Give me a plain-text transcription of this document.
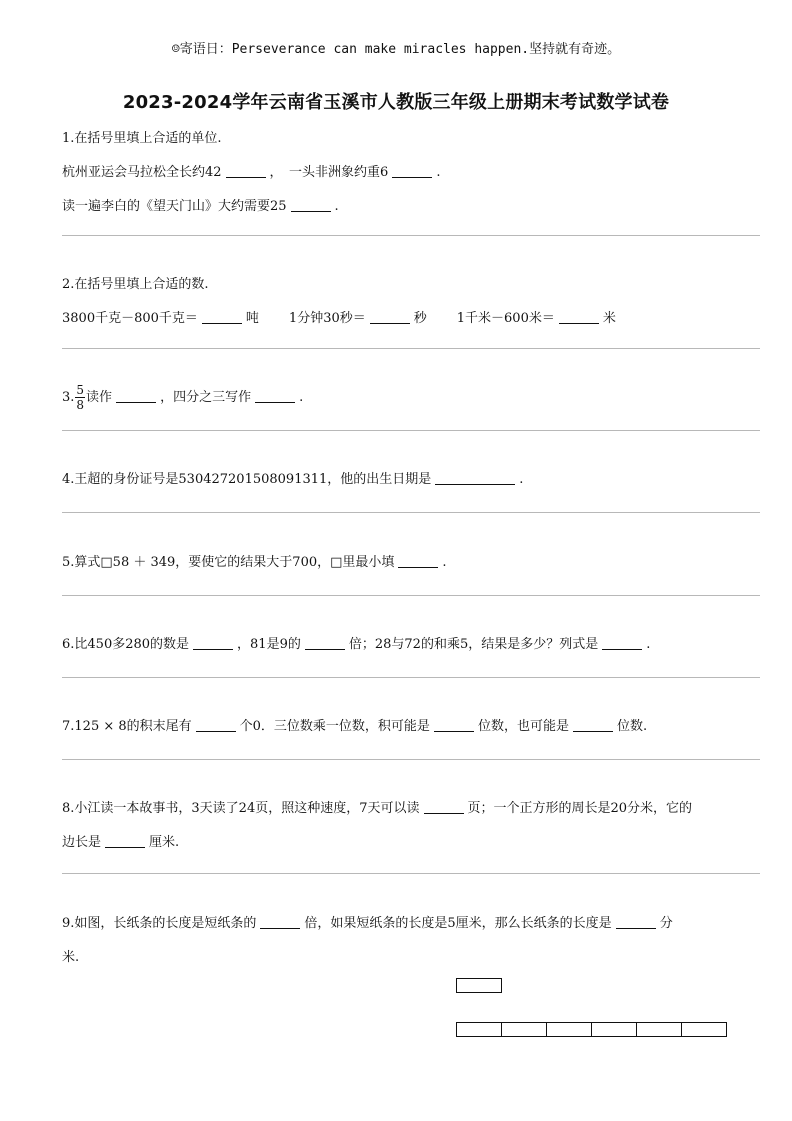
☺寄语日：Perseverance can make miracles happen.坚持就有奇迹。
2023-2024学年云南省玉溪市人教版三年级上册期末考试数学试卷
1.在括号里填上合适的单位.
杭州亚运会马拉松全长约42	，　一头非洲象约重6	.
读一遍李白的《望天门山》大约需要25	.
2.在括号里填上合适的数.
3800千克－800千克＝	吨 1分钟30秒＝	秒 1千米－600米＝	米
3. $\frac{5}{8}$ 读作	，四分之三写作	.
4.王超的身份证号是530427201508091311，他的出生日期是	.
5.算式□58 ＋ 349，要使它的结果大于700，□里最小填	.
6.比450多280的数是	，81是9的	倍；28与72的和乘5，结果是多少？列式是	.
7.125 × 8的积末尾有	个0．三位数乘一位数，积可能是	位数，也可能是	位数.
8.小江读一本故事书，3天读了24页，照这种速度，7天可以读	页；一个正方形的周长是20分米，它的
边长是	厘米.
9.如图，长纸条的长度是短纸条的	倍，如果短纸条的长度是5厘米，那么长纸条的长度是	分
米.
